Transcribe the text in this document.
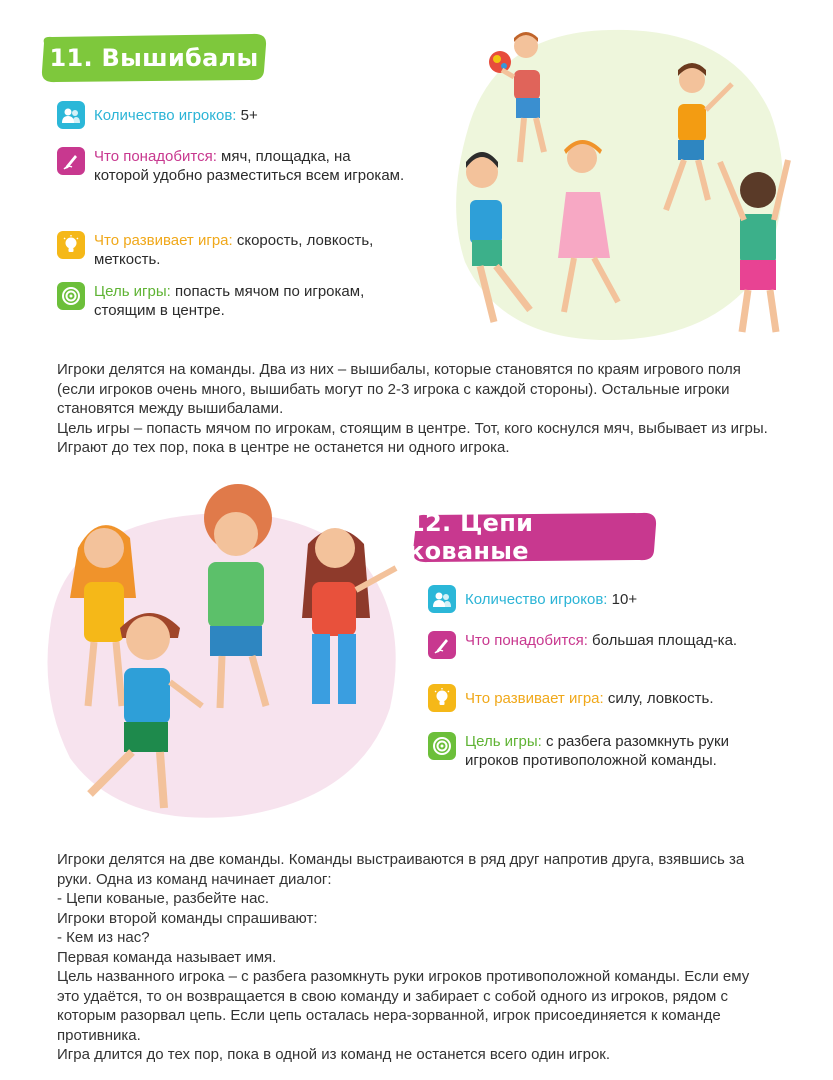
11. Вышибалы
Количество игроков: 5+
Что понадобится: мяч, площадка, на которой удобно разместиться всем игрокам.
Что развивает игра: скорость, ловкость, меткость.
Цель игры: попасть мячом по игрокам, стоящим в центре.

Игроки делятся на команды. Два из них – вышибалы, которые становятся по краям игрового поля (если игроков очень много, вышибать могут по 2-3 игрока с каждой стороны). Остальные игроки становятся между вышибалами.

Цель игры – попасть мячом по игрокам, стоящим в центре. Тот, кого коснулся мяч, выбывает из игры. Играют до тех пор, пока в центре не останется ни одного игрока.

12. Цепи кованые
Количество игроков: 10+
Что понадобится: большая площад-ка.
Что развивает игра: силу, ловкость.
Цель игры: с разбега разомкнуть руки игроков противоположной команды.

Игроки делятся на две команды. Команды выстраиваются в ряд друг напротив друга, взявшись за руки. Одна из команд начинает диалог:

- Цепи кованые, разбейте нас.

Игроки второй команды спрашивают:

- Кем из нас?

Первая команда называет имя.

Цель названного игрока – с разбега разомкнуть руки игроков противоположной команды. Если ему это удаётся, то он возвращается в свою команду и забирает с собой одного из игроков, рядом с которым разорвал цепь. Если цепь осталась нера-зорванной, игрок присоединяется к команде противника.

Игра длится до тех пор, пока в одной из команд не останется всего один игрок.
